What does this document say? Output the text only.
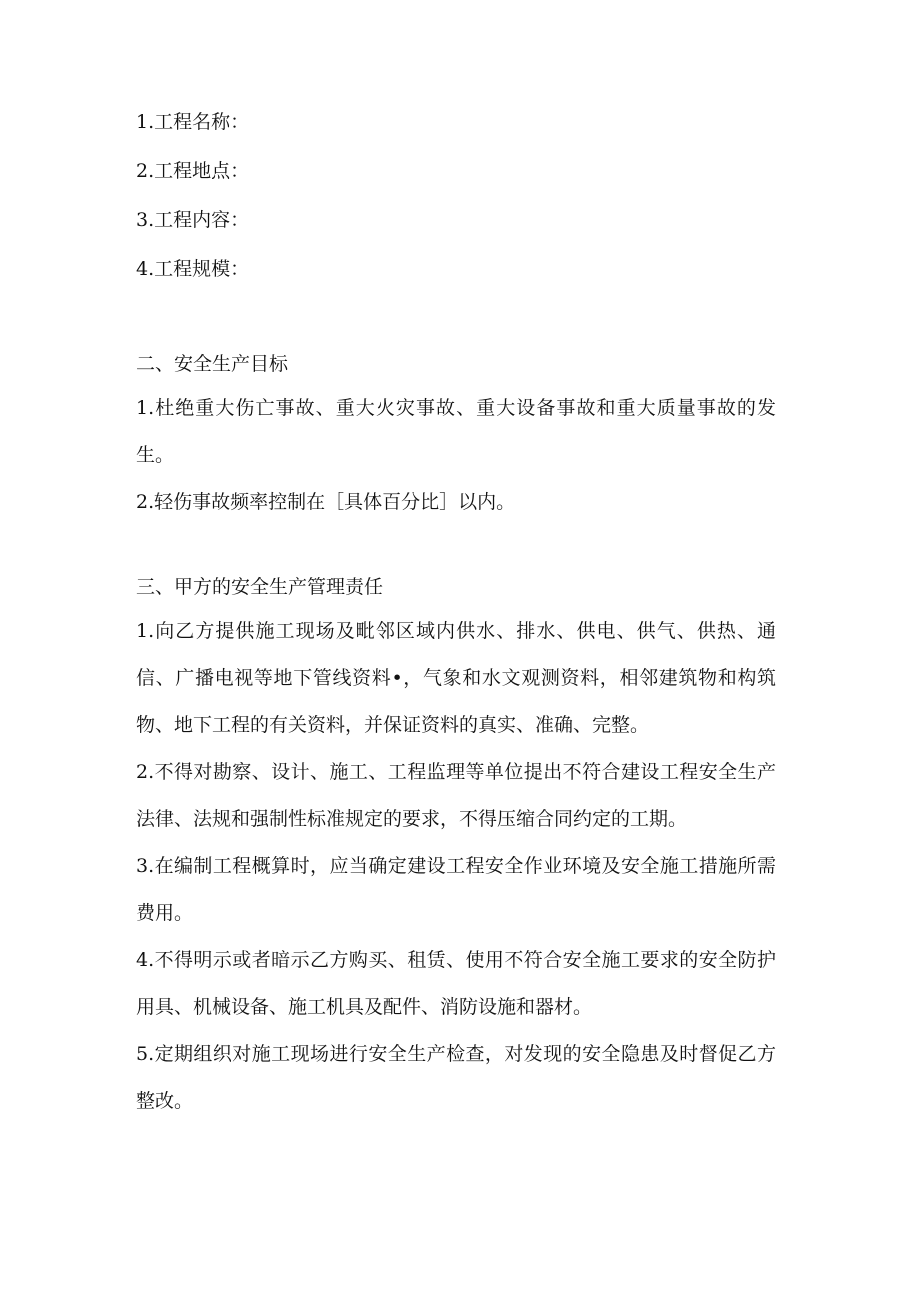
1.工程名称：

2.工程地点：

3.工程内容：

4.工程规模：

二、安全生产目标

1.杜绝重大伤亡事故、重大火灾事故、重大设备事故和重大质量事故的发生。

2.轻伤事故频率控制在［具体百分比］以内。

三、甲方的安全生产管理责任

1.向乙方提供施工现场及毗邻区域内供水、排水、供电、供气、供热、通信、广播电视等地下管线资料•，气象和水文观测资料，相邻建筑物和构筑物、地下工程的有关资料，并保证资料的真实、准确、完整。

2.不得对勘察、设计、施工、工程监理等单位提出不符合建设工程安全生产法律、法规和强制性标准规定的要求，不得压缩合同约定的工期。

3.在编制工程概算时，应当确定建设工程安全作业环境及安全施工措施所需费用。

4.不得明示或者暗示乙方购买、租赁、使用不符合安全施工要求的安全防护用具、机械设备、施工机具及配件、消防设施和器材。

5.定期组织对施工现场进行安全生产检查，对发现的安全隐患及时督促乙方整改。
